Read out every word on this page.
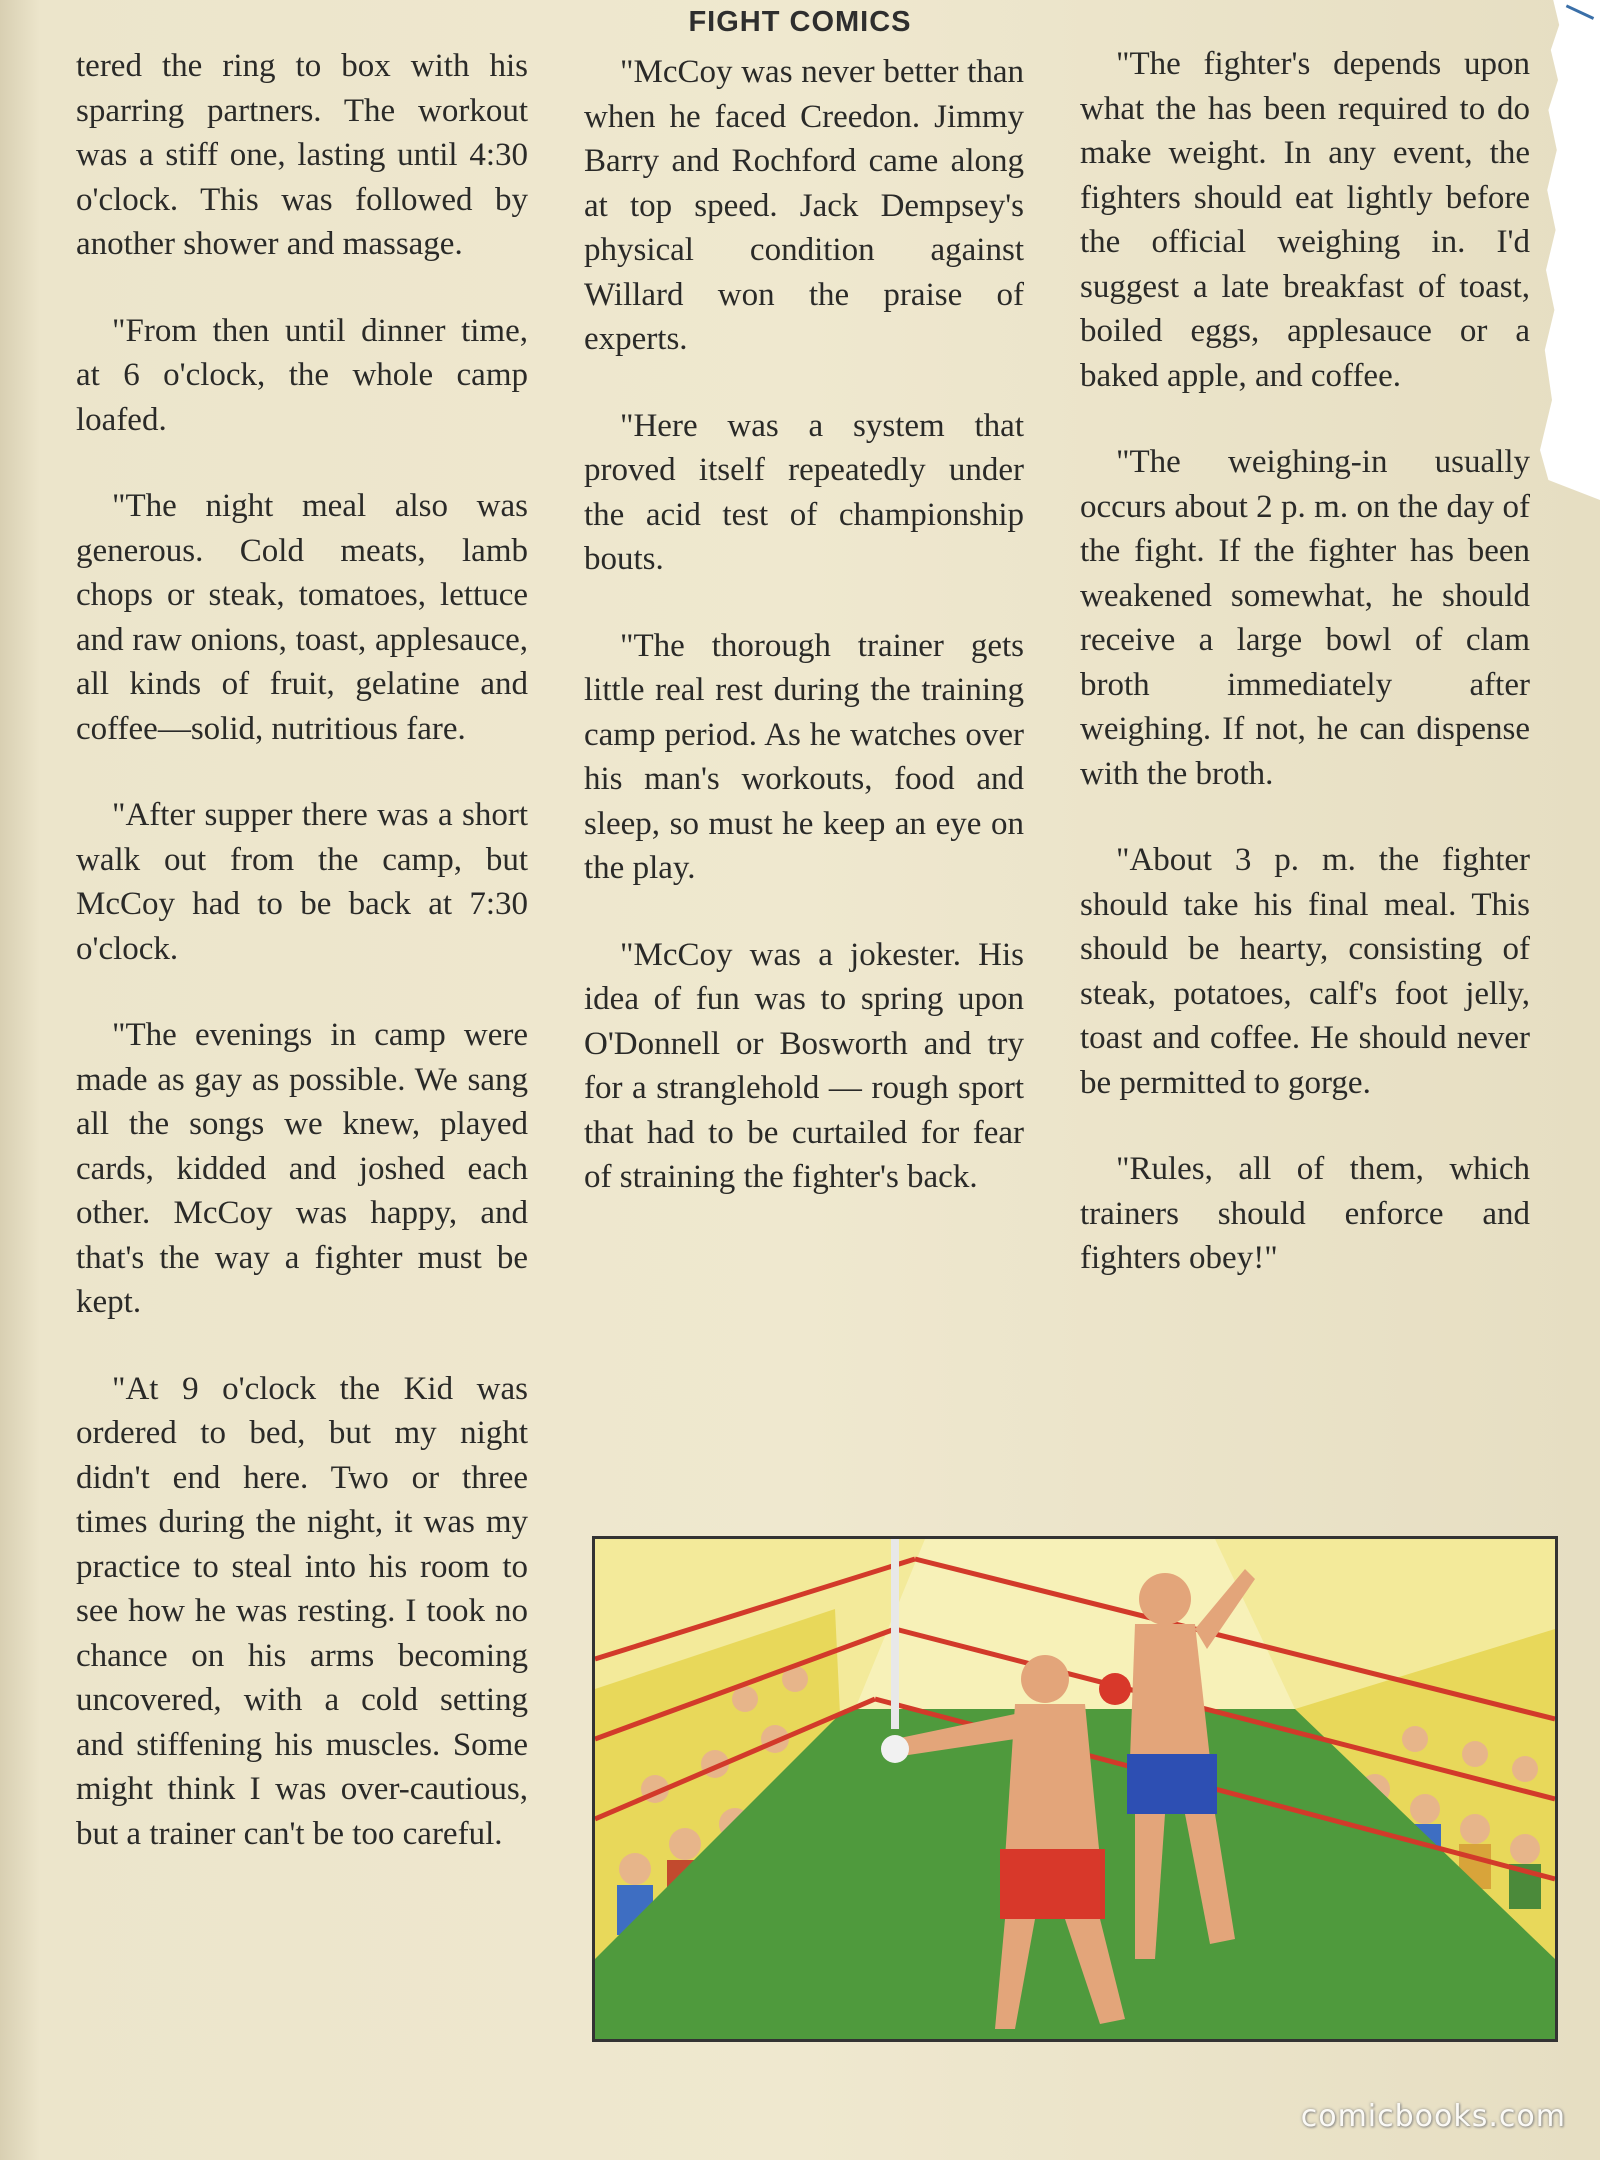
FIGHT COMICS

tered the ring to box with his sparring partners. The workout was a stiff one, lasting until 4:30 o'clock. This was followed by another shower and massage.

"From then until dinner time, at 6 o'clock, the whole camp loafed.

"The night meal also was generous. Cold meats, lamb chops or steak, tomatoes, lettuce and raw onions, toast, applesauce, all kinds of fruit, gelatine and coffee—solid, nutritious fare.

"After supper there was a short walk out from the camp, but McCoy had to be back at 7:30 o'clock.

"The evenings in camp were made as gay as possible. We sang all the songs we knew, played cards, kidded and joshed each other. McCoy was happy, and that's the way a fighter must be kept.

"At 9 o'clock the Kid was ordered to bed, but my night didn't end here. Two or three times during the night, it was my practice to steal into his room to see how he was resting. I took no chance on his arms becoming uncovered, with a cold setting and stiffening his muscles. Some might think I was over-cautious, but a trainer can't be too careful.

"McCoy was never better than when he faced Creedon. Jimmy Barry and Rochford came along at top speed. Jack Dempsey's physical condition against Willard won the praise of experts.

"Here was a system that proved itself repeatedly under the acid test of championship bouts.

"The thorough trainer gets little real rest during the training camp period. As he watches over his man's workouts, food and sleep, so must he keep an eye on the play.

"McCoy was a jokester. His idea of fun was to spring upon O'Donnell or Bosworth and try for a stranglehold — rough sport that had to be curtailed for fear of straining the fighter's back.

"The fighter's depends upon what the has been required to do make weight. In any event, the fighters should eat lightly before the official weighing in. I'd suggest a late breakfast of toast, boiled eggs, applesauce or a baked apple, and coffee.

"The weighing-in usually occurs about 2 p. m. on the day of the fight. If the fighter has been weakened somewhat, he should receive a large bowl of clam broth immediately after weighing. If not, he can dispense with the broth.

"About 3 p. m. the fighter should take his final meal. This should be hearty, consisting of steak, potatoes, calf's foot jelly, toast and coffee. He should never be permitted to gorge.

"Rules, all of them, which trainers should enforce and fighters obey!"

comicbooks.com
